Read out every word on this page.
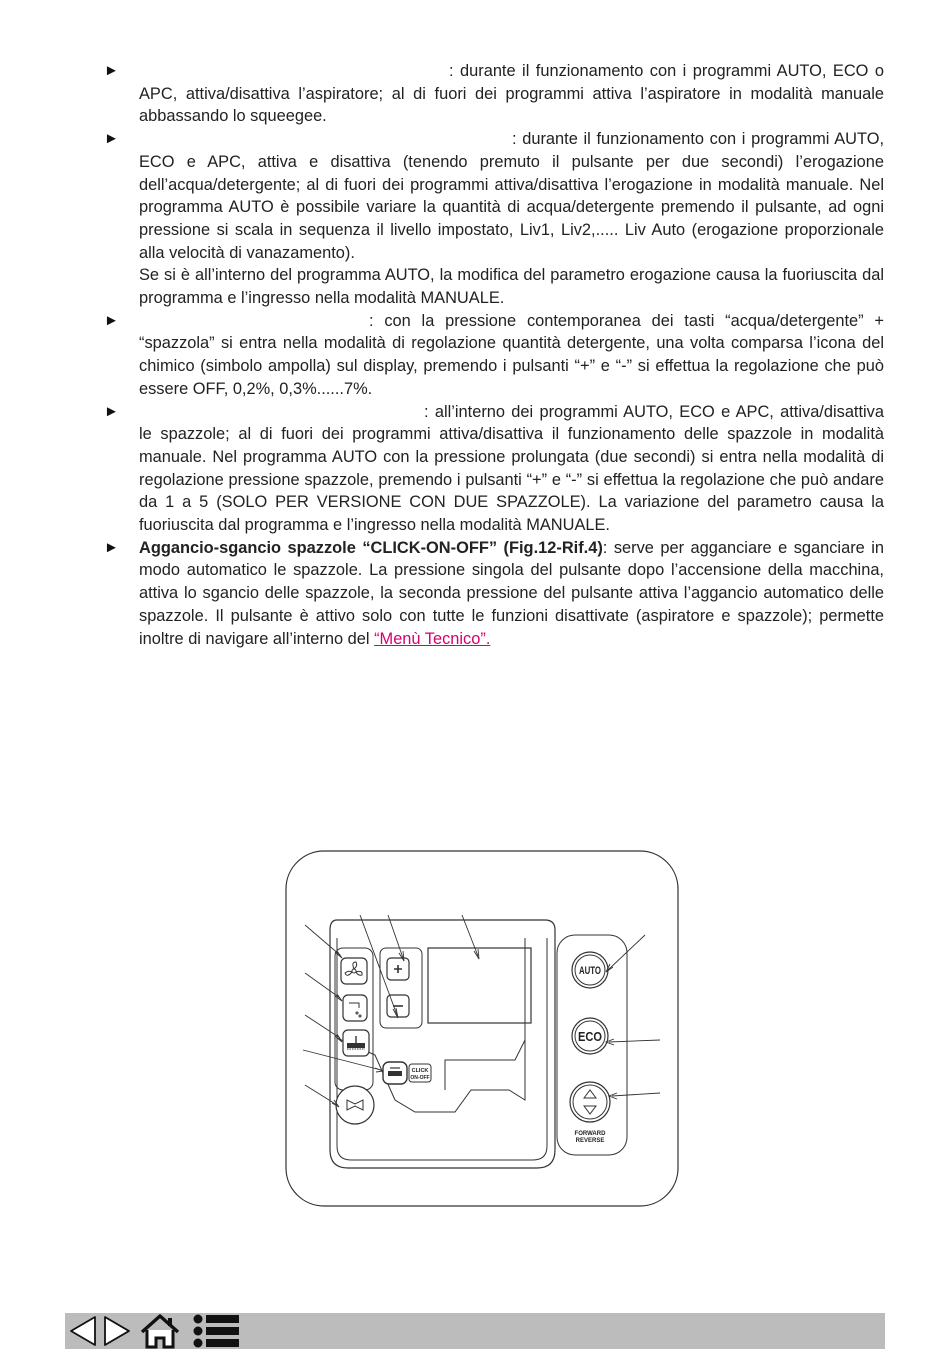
►	: durante il funzionamento con i programmi AUTO, ECO o APC, attiva/disattiva l’aspiratore; al di fuori dei programmi attiva l’aspiratore in modalità manuale abbassando lo squeegee.

►	: durante il funzionamento con i programmi AUTO, ECO e APC, attiva e disattiva (tenendo premuto il pulsante per due secondi) l’erogazione dell’acqua/detergente; al di fuori dei programmi attiva/disattiva l’erogazione in modalità manuale. Nel programma AUTO è possibile variare la quantità di acqua/detergente premendo il pulsante, ad ogni pressione si scala in sequenza il livello impostato, Liv1, Liv2,..... Liv Auto (erogazione proporzionale alla velocità di vanazamento).
Se si è all’interno del programma AUTO, la modifica del parametro erogazione causa la fuoriuscita dal programma e l’ingresso nella modalità MANUALE.

►	: con la pressione contemporanea dei tasti “acqua/detergente” + “spazzola” si entra nella modalità di regolazione quantità detergente, una volta comparsa l’icona del chimico (simbolo ampolla) sul display, premendo i pulsanti “+” e “-” si effettua la regolazione che può essere OFF, 0,2%, 0,3%......7%.

►	: all’interno dei programmi AUTO, ECO e APC, attiva/disattiva le spazzole; al di fuori dei programmi attiva/disattiva il funzionamento delle spazzole in modalità manuale. Nel programma AUTO con la pressione prolungata (due secondi) si entra nella modalità di regolazione pressione spazzole, premendo i pulsanti “+” e “-” si effettua la regolazione che può andare da 1 a 5 (SOLO PER VERSIONE CON DUE SPAZZOLE). La variazione del parametro causa la fuoriuscita dal programma e l’ingresso nella modalità MANUALE.

► Aggancio-sgancio spazzole “CLICK-ON-OFF” (Fig.12-Rif.4): serve per agganciare e sganciare in modo automatico le spazzole. La pressione singola del pulsante dopo l’accensione della macchina, attiva lo sgancio delle spazzole, la seconda pressione del pulsante attiva l’aggancio automatico delle spazzole. Il pulsante è attivo solo con tutte le funzioni disattivate (aspiratore e spazzole); permette inoltre di navigare all’interno del “Menù Tecnico”.

CLICK
ON-OFF
AUTO
ECO
FORWARD
REVERSE
